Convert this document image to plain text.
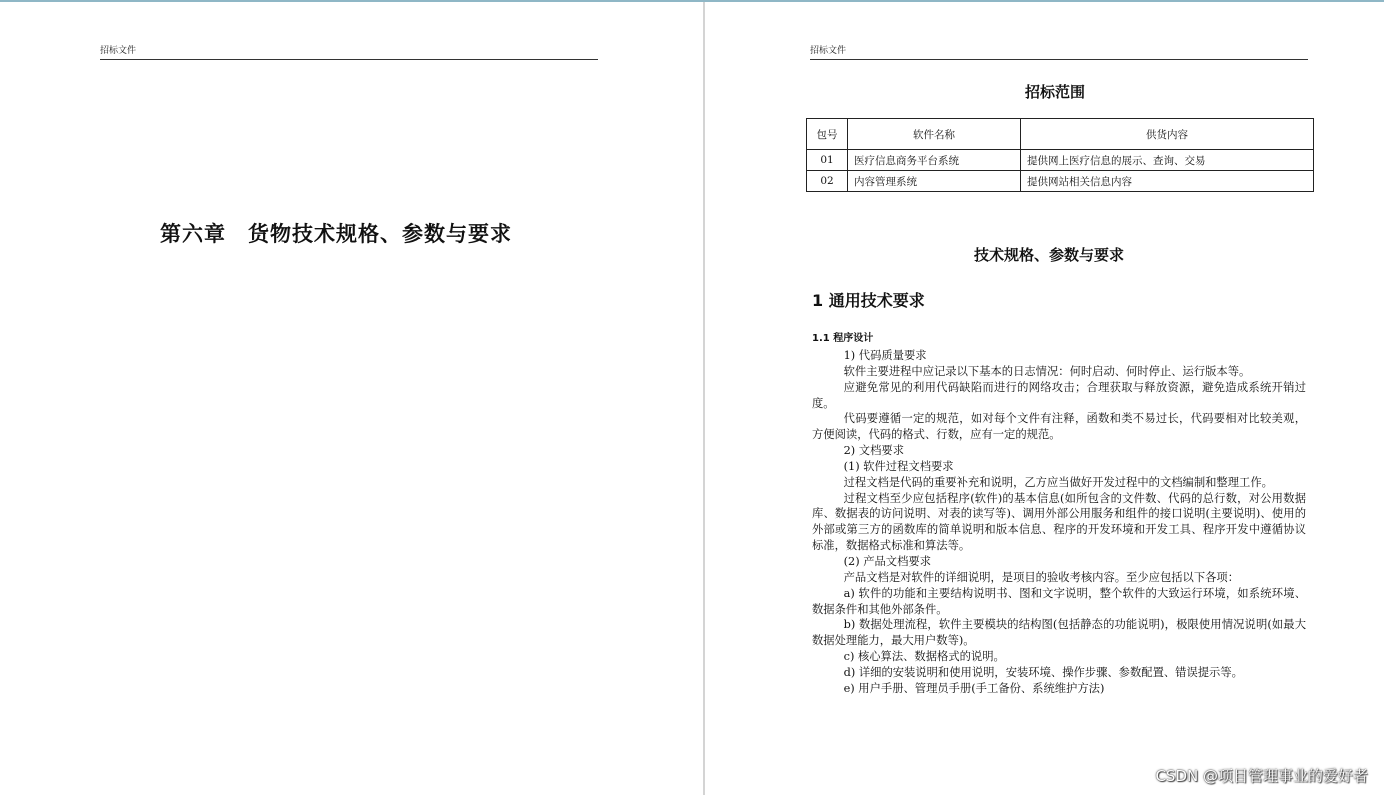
招标文件
第六章　货物技术规格、参数与要求
招标文件
招标范围
包号	软件名称	供货内容
01	医疗信息商务平台系统	提供网上医疗信息的展示、查询、交易
02	内容管理系统	提供网站相关信息内容
技术规格、参数与要求
1 通用技术要求
1.1 程序设计

1) 代码质量要求

软件主要进程中应记录以下基本的日志情况：何时启动、何时停止、运行版本等。

应避免常见的利用代码缺陷而进行的网络攻击；合理获取与释放资源，避免造成系统开销过度。

代码要遵循一定的规范，如对每个文件有注释，函数和类不易过长，代码要相对比较美观，方便阅读，代码的格式、行数，应有一定的规范。

2) 文档要求

(1) 软件过程文档要求

过程文档是代码的重要补充和说明，乙方应当做好开发过程中的文档编制和整理工作。

过程文档至少应包括程序(软件)的基本信息(如所包含的文件数、代码的总行数，对公用数据库、数据表的访问说明、对表的读写等)、调用外部公用服务和组件的接口说明(主要说明)、使用的外部或第三方的函数库的简单说明和版本信息、程序的开发环境和开发工具、程序开发中遵循协议标准，数据格式标准和算法等。

(2) 产品文档要求

产品文档是对软件的详细说明，是项目的验收考核内容。至少应包括以下各项：

a) 软件的功能和主要结构说明书、图和文字说明，整个软件的大致运行环境，如系统环境、数据条件和其他外部条件。

b) 数据处理流程，软件主要模块的结构图(包括静态的功能说明)，极限使用情况说明(如最大数据处理能力，最大用户数等)。

c) 核心算法、数据格式的说明。

d) 详细的安装说明和使用说明，安装环境、操作步骤、参数配置、错误提示等。

e) 用户手册、管理员手册(手工备份、系统维护方法)

CSDN @项目管理事业的爱好者
